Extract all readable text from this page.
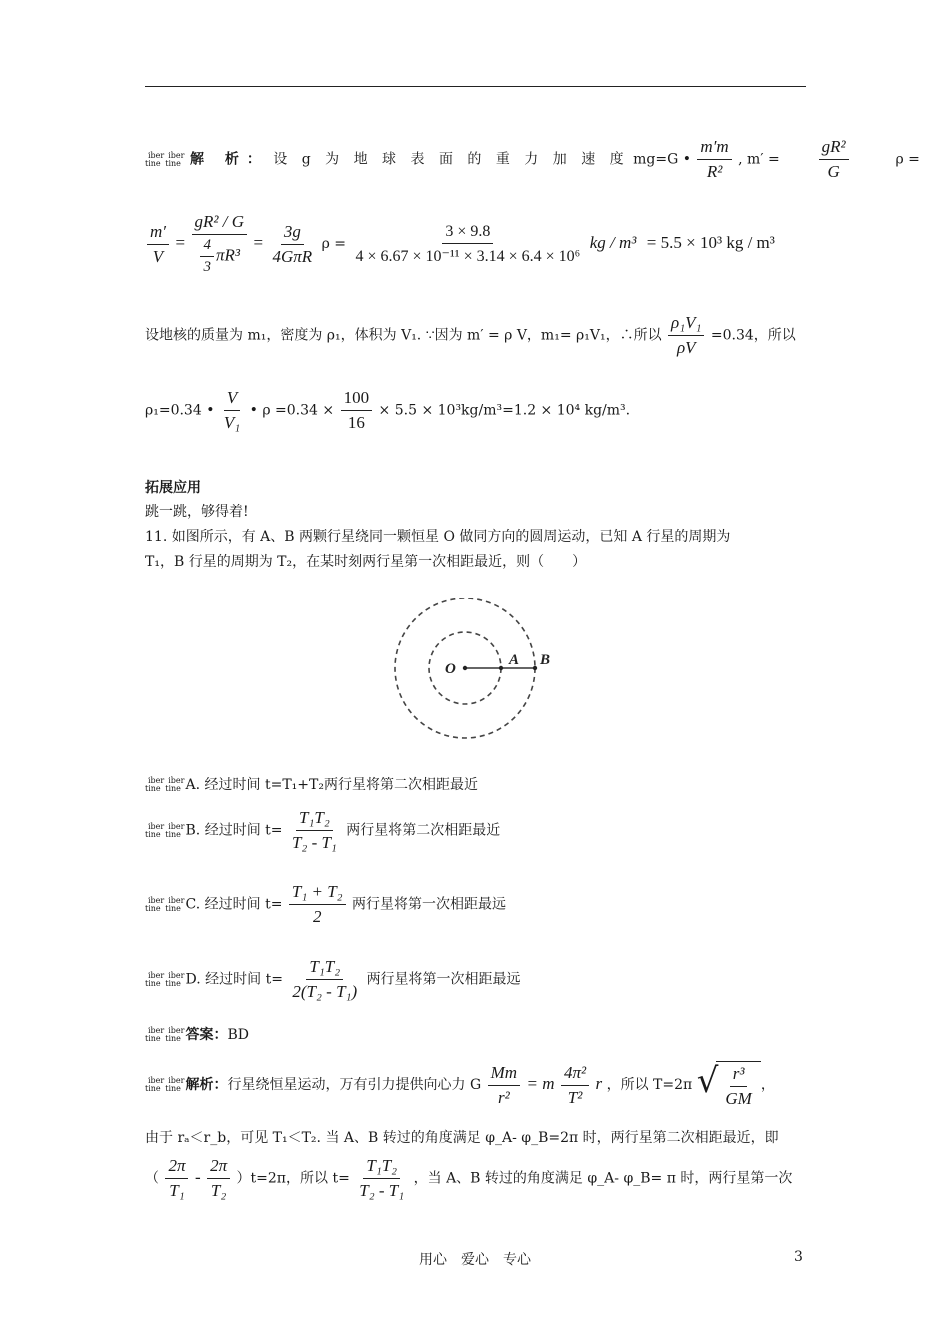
iber
tine
iber
tine 解 析： 设 g 为 地 球 表 面 的 重 力 加 速 度 mg=G • $\frac{m'm}{\text{R²}}$ , $m' = \frac{\text{gR²}}{G}$	ρ =
$\frac{m'}{V} = \frac{\text{gR² / G}}{\frac{4}{3} \pi R^3} = \frac{3g}{\text{4GπR}}$ $\rho = \frac{3 \times 9.8}{\text{4 × 6.67 × 10⁻¹¹ × 3.14 × 6.4 × 10⁶}}$ kg / m³ = 5.5 × 10³ kg / m³
设地核的质量为 m₁，密度为 ρ₁，体积为 V₁. ∵因为 m′ = ρ V，m₁= ρ₁V₁，∴所以 $\frac{\text{ρ₁V₁}}{\rho V} =0.34$，所以
ρ₁=0.34 • $\frac{V}{\text{V₁}}$ • $\rho =0.34 \times \frac{100}{16} \times 5.5 \times 10^3kg/m^3=1.2 \times 10^4$ kg/m³.
拓展应用
跳一跳，够得着!
11. 如图所示，有 A、B 两颗行星绕同一颗恒星 O 做同方向的圆周运动，已知 A 行星的周期为
T₁，B 行星的周期为 T₂，在某时刻两行星第一次相距最近，则（　　）
O
A B
iber
tine
iber
tine A. 经过时间 t=T₁+T₂两行星将第二次相距最近
iber
tine
iber
tine B. 经过时间 $t= \frac{\text{T₁T₂}}{\text{T₂ - T₁}}$ 两行星将第二次相距最近
iber
tine
iber
tine C. 经过时间 $t= \frac{\text{T₁ + T₂}}{2}$ 两行星将第一次相距最远
iber
tine
iber
tine D. 经过时间 $t= \frac{\text{T₁T₂}}{\text{2(T₂ - T₁)}}$ 两行星将第一次相距最远
iber
tine
iber
tine 答案：BD
iber
tine
iber
tine 解析：行星绕恒星运动，万有引力提供向心力 G $\frac{Mm}{\text{r²}} = m \frac{\text{4π²}}{\text{T²}}$ r ，所以 T=2π √ $\frac{\text{r³}}{GM}$ ，
由于 rₐ＜r_b，可见 T₁＜T₂. 当 A、B 转过的角度满足 φ_A- φ_B=2π 时，两行星第二次相距最近，即
（ $\frac{2\pi}{\text{T₁}} - \frac{2\pi}{\text{T₂}} )t=2\pi$，所以 $t= \frac{\text{T₁T₂}}{\text{T₂ - T₁}}$ ，当 A、B 转过的角度满足 φ_A- φ_B= π 时，两行星第一次
用心　爱心　专心	3
